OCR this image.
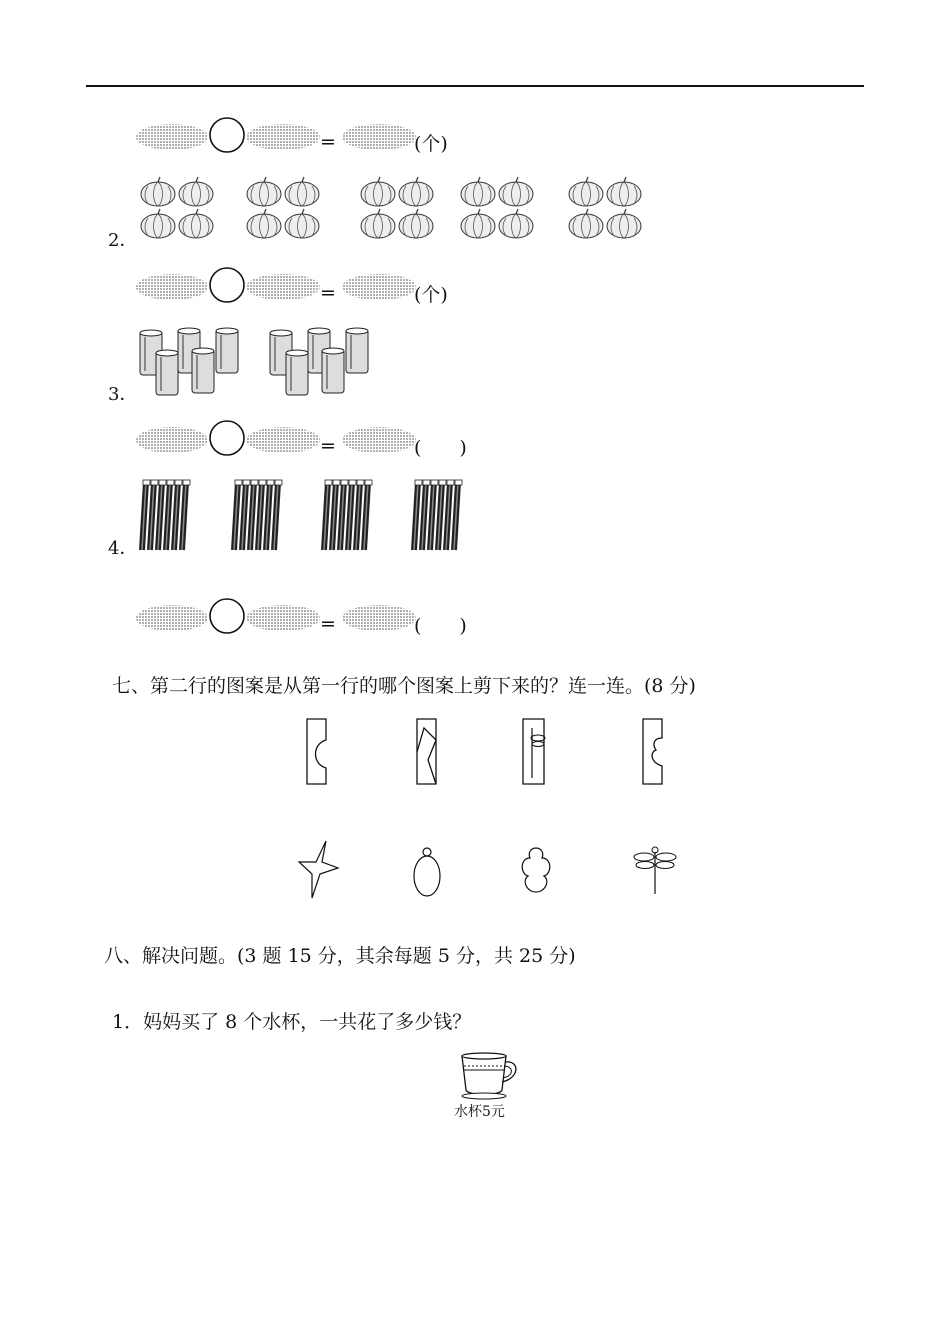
=	(个)
2．
=	(个)
3．
=	(　　)
4．
=	(　　)
七、第二行的图案是从第一行的哪个图案上剪下来的？连一连。(8 分)
八、解决问题。(3 题 15 分，其余每题 5 分，共 25 分)
1．妈妈买了 8 个水杯，一共花了多少钱？
水杯5元
